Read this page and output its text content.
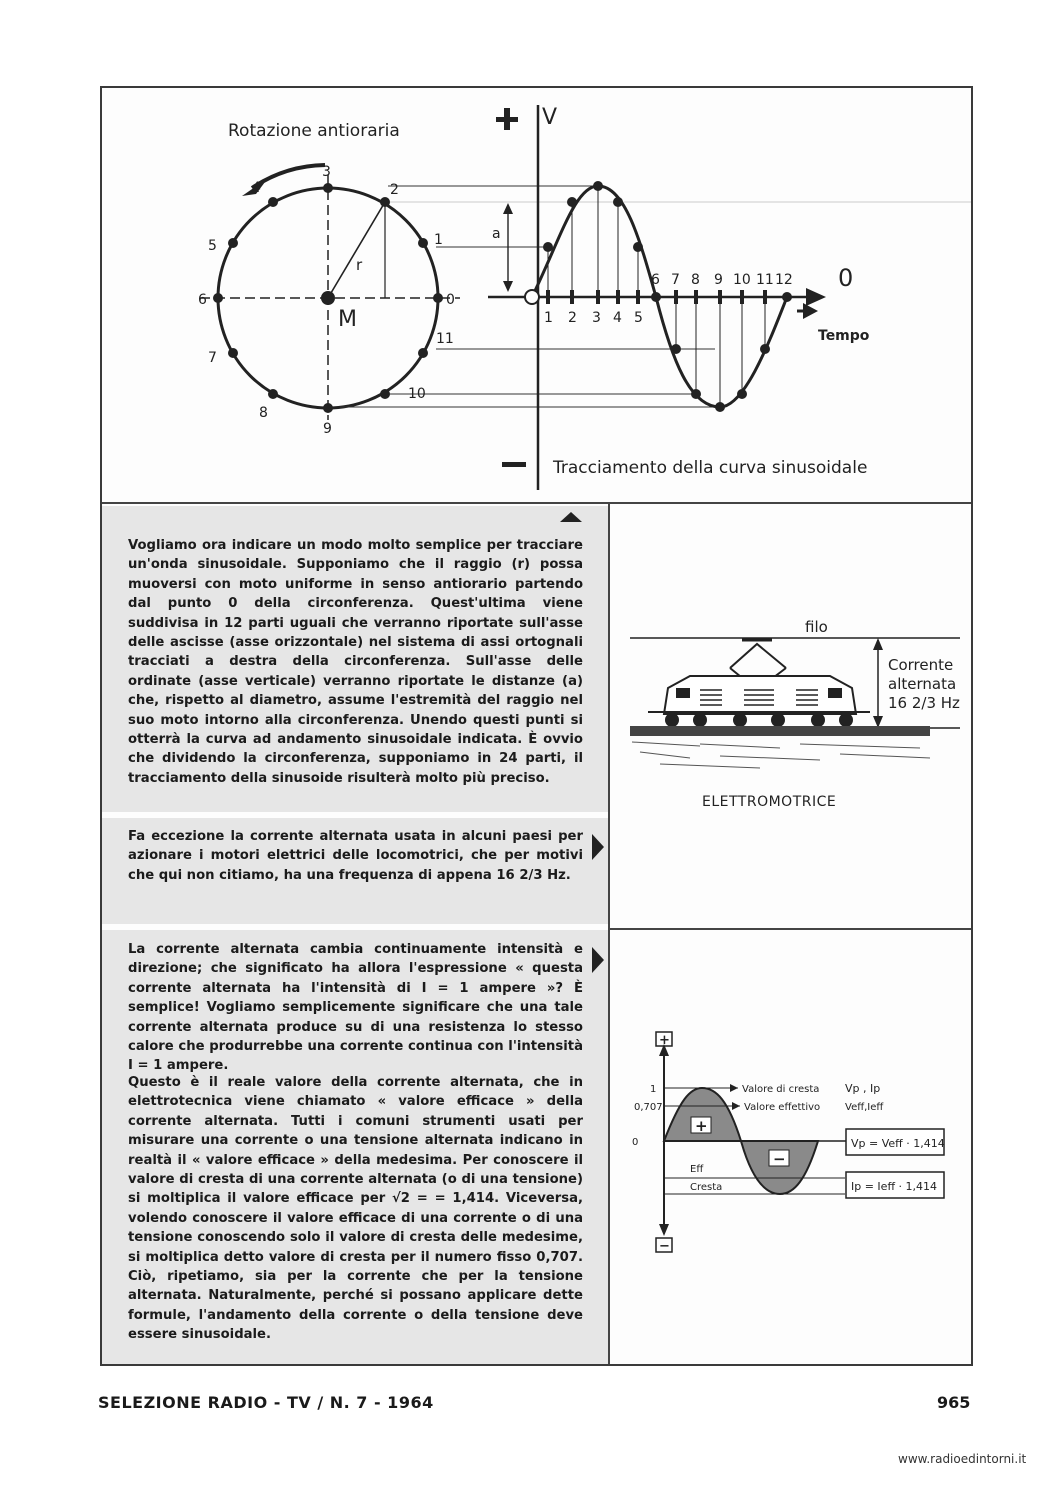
Rotazione antioraria
V
0
Tempo
M
r
a
Tracciamento della curva sinusoidale
0
1
2
3
4
5
6
7
8
9
10
11
1 2 3 4 5
6 7 8 9 10 11 12
Vogliamo ora indicare un modo molto semplice per tracciare un'onda sinusoidale. Supponiamo che il raggio (r) possa muoversi con moto uniforme in senso antiorario partendo dal punto 0 della circonferenza. Quest'ultima viene suddivisa in 12 parti uguali che verranno riportate sull'asse delle ascisse (asse orizzontale) nel sistema di assi ortognali tracciati a destra della circonferenza. Sull'asse delle ordinate (asse verticale) verranno riportate le distanze (a) che, rispetto al diametro, assume l'estremità del raggio nel suo moto intorno alla circonferenza. Unendo questi punti si otterrà la curva ad andamento sinusoidale indicata. È ovvio che dividendo la circonferenza, supponiamo in 24 parti, il tracciamento della sinusoide risulterà molto più preciso.
Fa eccezione la corrente alternata usata in alcuni paesi per azionare i motori elettrici delle locomotrici, che per motivi che qui non citiamo, ha una frequenza di appena 16 2/3 Hz.
La corrente alternata cambia continuamente intensità e direzione; che significato ha allora l'espressione « questa corrente alternata ha l'intensità di I = 1 ampere »? È semplice! Vogliamo semplicemente significare che una tale corrente alternata produce su di una resistenza lo stesso calore che produrrebbe una corrente continua con l'intensità I = 1 ampere.
Questo è il reale valore della corrente alternata, che in elettrotecnica viene chiamato « valore efficace » della corrente alternata. Tutti i comuni strumenti usati per misurare una corrente o una tensione alternata indicano in realtà il « valore efficace » della medesima. Per conoscere il valore di cresta di una corrente alternata (o di una tensione) si moltiplica il valore efficace per √2 = = 1,414. Viceversa, volendo conoscere il valore efficace di una corrente o di una tensione conoscendo solo il valore di cresta delle medesime, si moltiplica detto valore di cresta per il numero fisso 0,707. Ciò, ripetiamo, sia per la corrente che per la tensione alternata. Naturalmente, perché si possano applicare dette formule, l'andamento della corrente o della tensione deve essere sinusoidale.
filo
Corrente
alternata
16 2/3 Hz
ELETTROMOTRICE
+
−
+
−
Vp = Veff · 1,414
Ip = Ieff · 1,414
1
0,707
0
Valore di cresta
Valore effettivo
Vp , Ip
Veff,Ieff
Eff
Cresta
SELEZIONE RADIO - TV / N. 7 - 1964	965
www.radioedintorni.it
